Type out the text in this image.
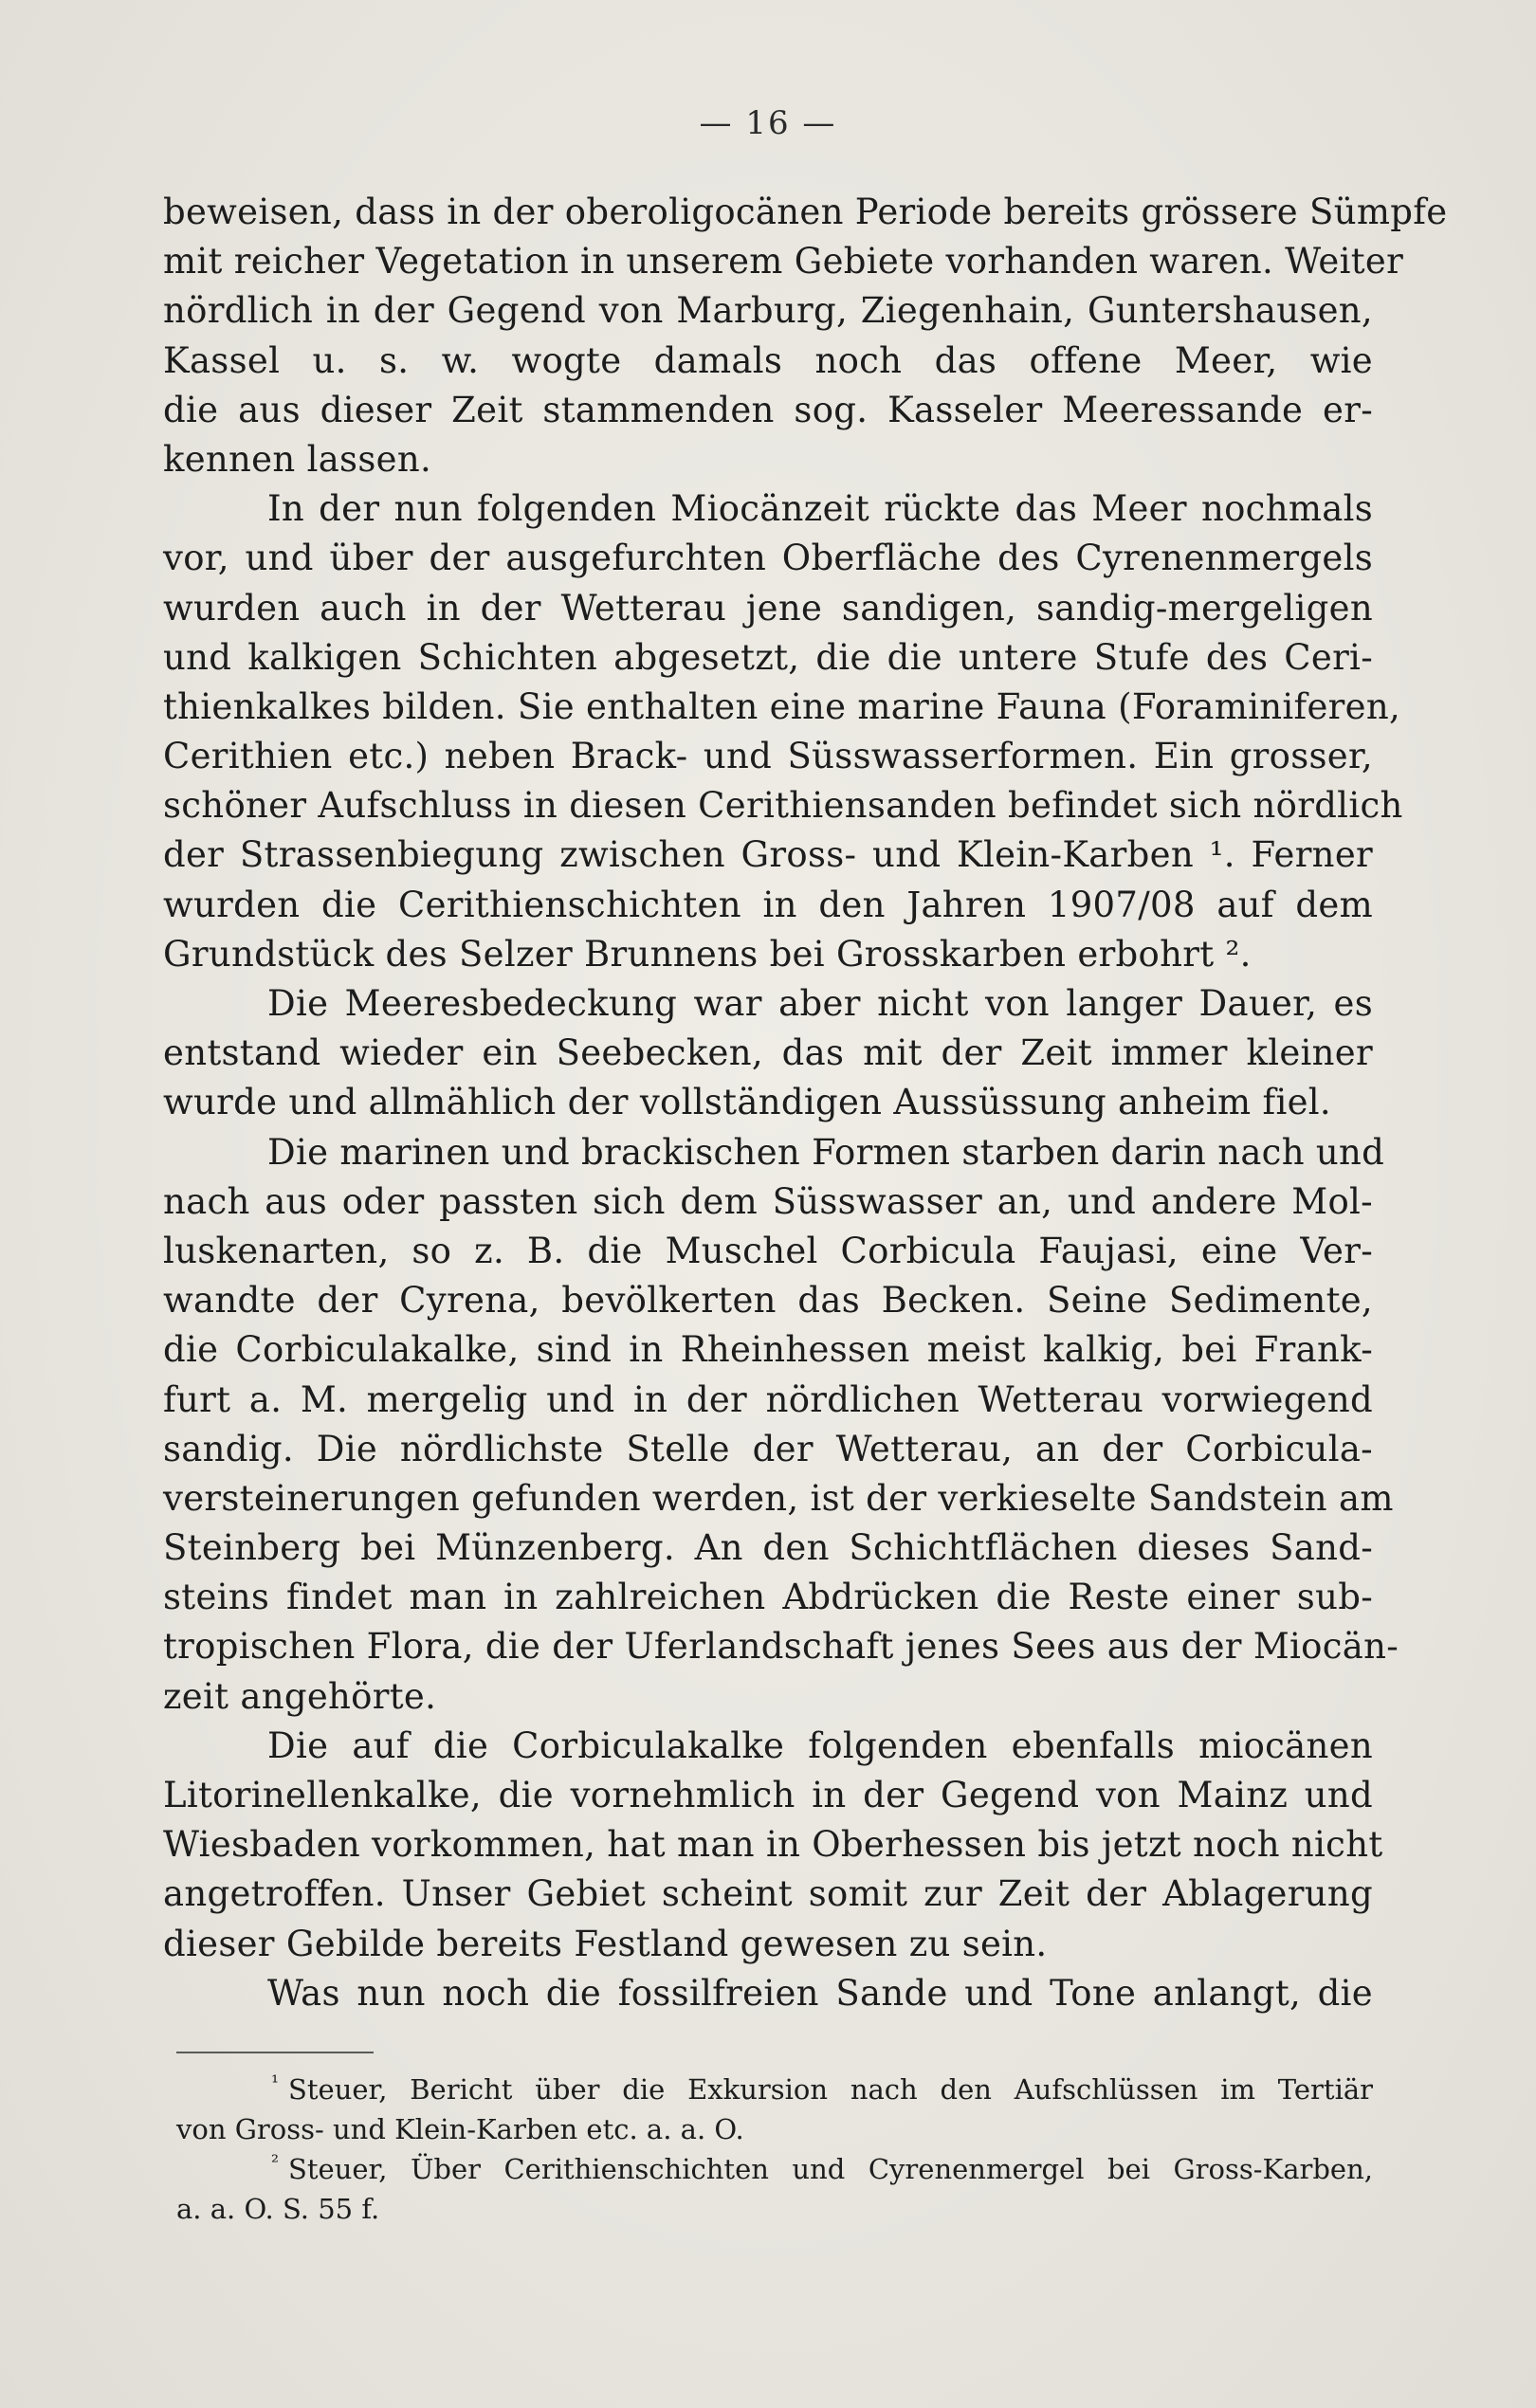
— 16 —
beweisen, dass in der oberoligocänen Periode bereits grössere Sümpfe
mit reicher Vegetation in unserem Gebiete vorhanden waren. Weiter
nördlich in der Gegend von Marburg, Ziegenhain, Guntershausen,
Kassel u. s. w. wogte damals noch das offene Meer, wie
die aus dieser Zeit stammenden sog. Kasseler Meeressande er-
kennen lassen.
In der nun folgenden Miocänzeit rückte das Meer nochmals
vor, und über der ausgefurchten Oberfläche des Cyrenenmergels
wurden auch in der Wetterau jene sandigen, sandig-mergeligen
und kalkigen Schichten abgesetzt, die die untere Stufe des Ceri-
thienkalkes bilden. Sie enthalten eine marine Fauna (Foraminiferen,
Cerithien etc.) neben Brack- und Süsswasserformen. Ein grosser,
schöner Aufschluss in diesen Cerithiensanden befindet sich nördlich
der Strassenbiegung zwischen Gross- und Klein-Karben ¹. Ferner
wurden die Cerithienschichten in den Jahren 1907/08 auf dem
Grundstück des Selzer Brunnens bei Grosskarben erbohrt ².
Die Meeresbedeckung war aber nicht von langer Dauer, es
entstand wieder ein Seebecken, das mit der Zeit immer kleiner
wurde und allmählich der vollständigen Aussüssung anheim fiel.
Die marinen und brackischen Formen starben darin nach und
nach aus oder passten sich dem Süsswasser an, und andere Mol-
luskenarten, so z. B. die Muschel Corbicula Faujasi, eine Ver-
wandte der Cyrena, bevölkerten das Becken. Seine Sedimente,
die Corbiculakalke, sind in Rheinhessen meist kalkig, bei Frank-
furt a. M. mergelig und in der nördlichen Wetterau vorwiegend
sandig. Die nördlichste Stelle der Wetterau, an der Corbicula-
versteinerungen gefunden werden, ist der verkieselte Sandstein am
Steinberg bei Münzenberg. An den Schichtflächen dieses Sand-
steins findet man in zahlreichen Abdrücken die Reste einer sub-
tropischen Flora, die der Uferlandschaft jenes Sees aus der Miocän-
zeit angehörte.
Die auf die Corbiculakalke folgenden ebenfalls miocänen
Litorinellenkalke, die vornehmlich in der Gegend von Mainz und
Wiesbaden vorkommen, hat man in Oberhessen bis jetzt noch nicht
angetroffen. Unser Gebiet scheint somit zur Zeit der Ablagerung
dieser Gebilde bereits Festland gewesen zu sein.
Was nun noch die fossilfreien Sande und Tone anlangt, die
$^{^1}$ Steuer, Bericht über die Exkursion nach den Aufschlüssen im Tertiär
von Gross- und Klein-Karben etc. a. a. O.
$^{^2}$ Steuer, Über Cerithienschichten und Cyrenenmergel bei Gross-Karben,
a. a. O. S. 55 f.
